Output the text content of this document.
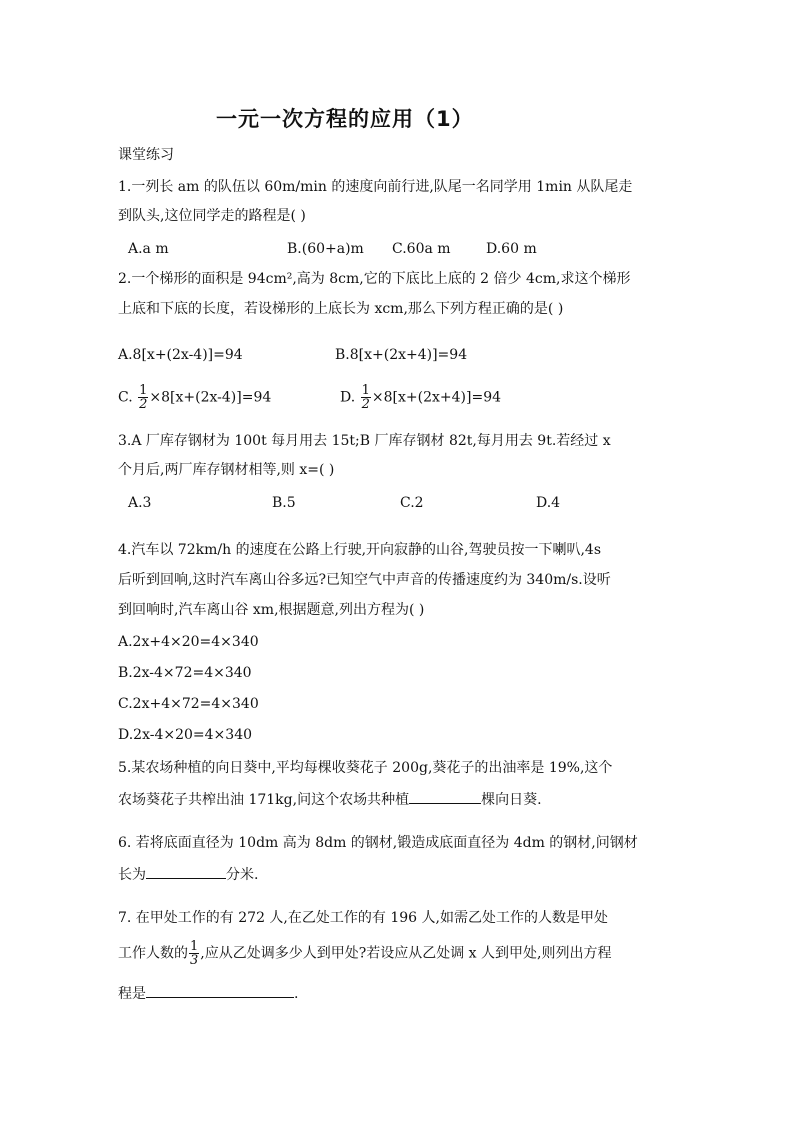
一元一次方程的应用（1）
课堂练习
1.一列长 am 的队伍以 60m/min 的速度向前行进,队尾一名同学用 1min 从队尾走
到队头,这位同学走的路程是( )
A.a m	B.(60+a)m C.60a m	D.60 m
2.一个梯形的面积是 94cm²,高为 8cm,它的下底比上底的 2 倍少 4cm,求这个梯形
上底和下底的长度，若设梯形的上底长为 xcm,那么下列方程正确的是( )
A.8[x+(2x-4)]=94	B.8[x+(2x+4)]=94
C. $\frac{1}{2} \times 8[x+(2x-4)]=94$	D. $\frac{1}{2} \times 8[x+(2x+4)]=94$
3.A 厂库存钢材为 100t 每月用去 15t;B 厂库存钢材 82t,每月用去 9t.若经过 x
个月后,两厂库存钢材相等,则 x=( )
A.3	B.5	C.2	D.4
4.汽车以 72km/h 的速度在公路上行驶,开向寂静的山谷,驾驶员按一下喇叭,4s
后听到回响,这时汽车离山谷多远?已知空气中声音的传播速度约为 340m/s.设听
到回响时,汽车离山谷 xm,根据题意,列出方程为( )
A.2x+4×20=4×340
B.2x-4×72=4×340
C.2x+4×72=4×340
D.2x-4×20=4×340
5.某农场种植的向日葵中,平均每棵收葵花子 200g,葵花子的出油率是 19%,这个
农场葵花子共榨出油 171kg,问这个农场共种植	棵向日葵.
6. 若将底面直径为 10dm 高为 8dm 的钢材,锻造成底面直径为 4dm 的钢材,问钢材
长为	分米.
7. 在甲处工作的有 272 人,在乙处工作的有 196 人,如需乙处工作的人数是甲处
工作人数的 $\frac{1}{3}$ ,应从乙处调多少人到甲处?若设应从乙处调 x 人到甲处,则列出方程
程是	.
